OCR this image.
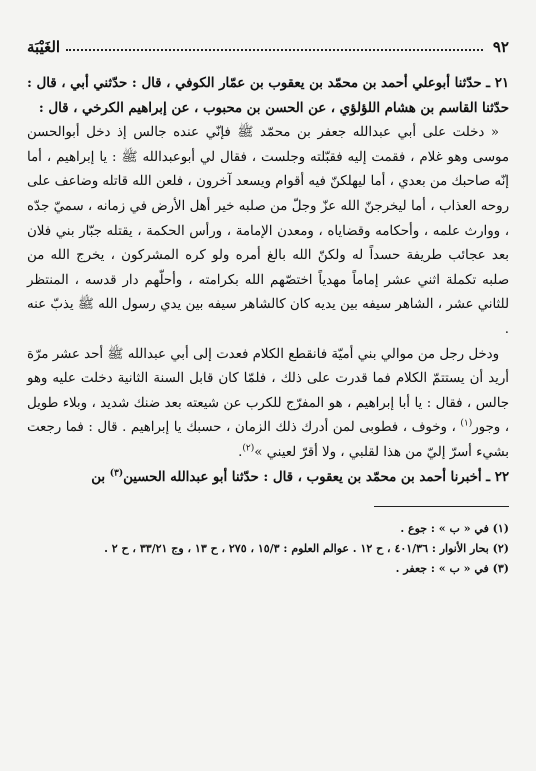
٩٢
الغَيْبَة

٢١ ـ حدّثنا أبوعلي أحمد بن محمّد بن يعقوب بن عمّار الكوفي ، قال : حدّثني أبي ، قال : حدّثنا القاسم بن هشام اللؤلؤي ، عن الحسن بن محبوب ، عن إبراهيم الكرخي ، قال :

« دخلت على أبي عبدالله جعفر بن محمّد ﷺ فإنّي عنده جالس إذ دخل أبوالحسن موسى وهو غلام ، فقمت إليه فقبّلته وجلست ، فقال لي أبوعبدالله ﷺ : يا إبراهيم ، أما إنّه صاحبك من بعدي ، أما ليهلكنّ فيه أقوام ويسعد آخرون ، فلعن الله قاتله وضاعف على روحه العذاب ، أما ليخرجنّ الله عزّ وجلّ من صلبه خير أهل الأرض في زمانه ، سميّ جدّه ، ووارث علمه ، وأحكامه وقضاياه ، ومعدن الإمامة ، ورأس الحكمة ، يقتله جبّار بني فلان بعد عجائب طريفة حسداً له ولكنّ الله بالغ أمره ولو كره المشركون ، يخرج الله من صلبه تكملة اثني عشر إماماً مهدياً اختصّهم الله بكرامته ، وأحلّهم دار قدسه ، المنتظر للثاني عشر ، الشاهر سيفه بين يديه كان كالشاهر سيفه بين يدي رسول الله ﷺ يذبّ عنه .

ودخل رجل من موالي بني أميّة فانقطع الكلام فعدت إلى أبي عبدالله ﷺ أحد عشر مرّة أريد أن يستتمّ الكلام فما قدرت على ذلك ، فلمّا كان قابل السنة الثانية دخلت عليه وهو جالس ، فقال : يا أبا إبراهيم ، هو المفرّج للكرب عن شيعته بعد ضنك شديد ، وبلاء طويل ، وجور$^{(١)}$ ، وخوف ، فطوبى لمن أدرك ذلك الزمان ، حسبك يا إبراهيم . قال : فما رجعت بشيء أسرّ إليّ من هذا لقلبي ، ولا أقرّ لعيني »$^{(٢)}$.

٢٢ ـ أخبرنا أحمد بن محمّد بن يعقوب ، قال : حدّثنا أبو عبدالله الحسين$^{(٣)}$ بن

(١) في « ب » : جوع .

(٢) بحار الأنوار : ٤٠١/٣٦ ، ح ١٢ . عوالم العلوم : ١٥/٣ ، ٢٧٥ ، ح ١٣ ، وج ٣٣/٢١ ، ح ٢ .

(٣) في « ب » : جعفر .
